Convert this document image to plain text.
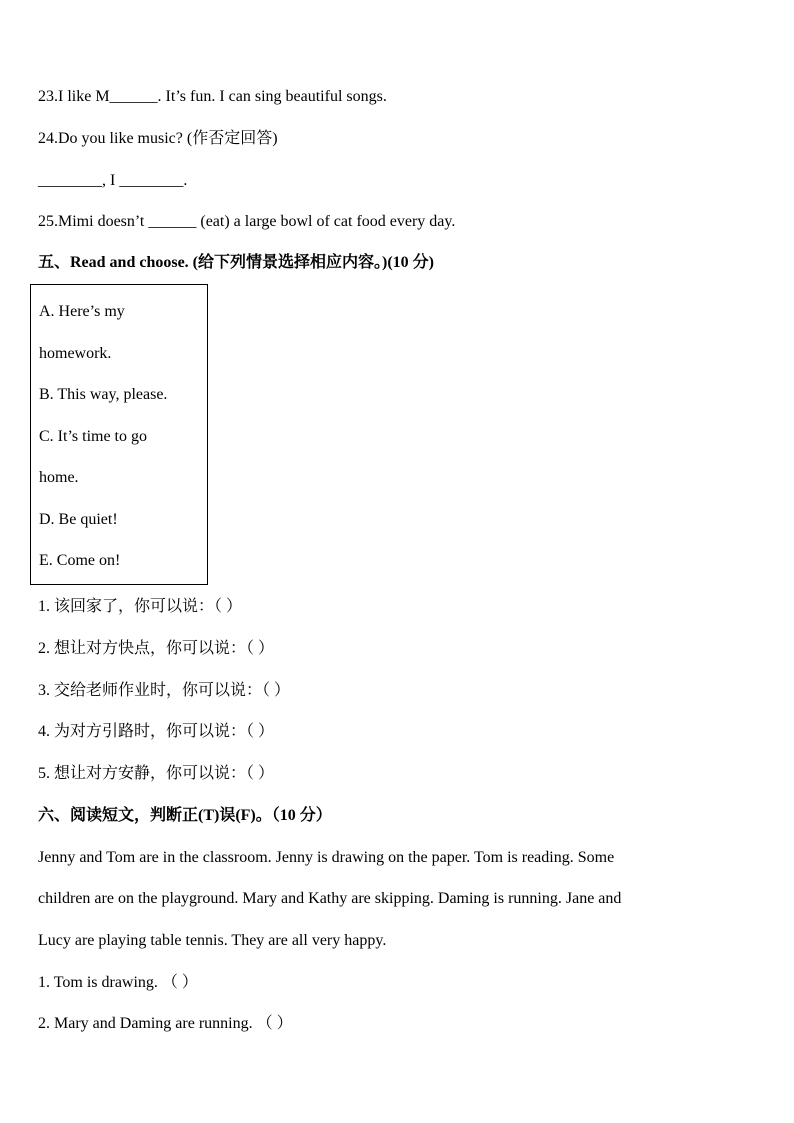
23.I like M______. It’s fun. I can sing beautiful songs.
24.Do you like music? (作否定回答)
________, I ________.
25.Mimi doesn’t ______ (eat) a large bowl of cat food every day.
五、Read and choose. (给下列情景选择相应内容。)(10 分)
A. Here’s my
homework.
B. This way, please.
C. It’s time to go
home.
D. Be quiet!
E. Come on!
1. 该回家了，你可以说：（ ）
2. 想让对方快点，你可以说：（ ）
3. 交给老师作业时，你可以说：（ ）
4. 为对方引路时，你可以说：（ ）
5. 想让对方安静，你可以说：（ ）
六、阅读短文，判断正(T)误(F)。（10 分）
Jenny and Tom are in the classroom. Jenny is drawing on the paper. Tom is reading. Some
children are on the playground. Mary and Kathy are skipping. Daming is running. Jane and
Lucy are playing table tennis. They are all very happy.
1. Tom is drawing. （ ）
2. Mary and Daming are running. （ ）
